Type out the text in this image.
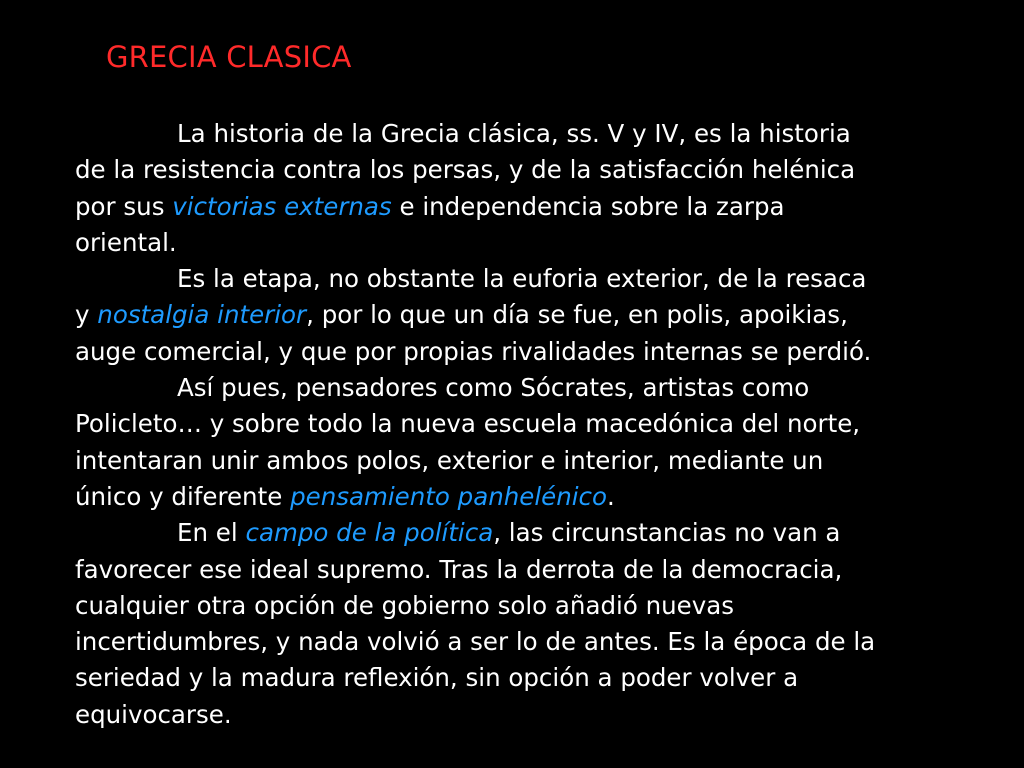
GRECIA CLASICA
La historia de la Grecia clásica, ss. V y IV, es la historia
de la resistencia contra los persas, y de la satisfacción helénica
por sus victorias externas e independencia sobre la zarpa
oriental.
Es la etapa, no obstante la euforia exterior, de la resaca
y nostalgia interior, por lo que un día se fue, en polis, apoikias,
auge comercial, y que por propias rivalidades internas se perdió.
Así pues, pensadores como Sócrates, artistas como
Policleto… y sobre todo la nueva escuela macedónica del norte,
intentaran unir ambos polos, exterior e interior, mediante un
único y diferente pensamiento panhelénico.
En el campo de la política, las circunstancias no van a
favorecer ese ideal supremo. Tras la derrota de la democracia,
cualquier otra opción de gobierno solo añadió nuevas
incertidumbres, y nada volvió a ser lo de antes. Es la época de la
seriedad y la madura reflexión, sin opción a poder volver a
equivocarse.
